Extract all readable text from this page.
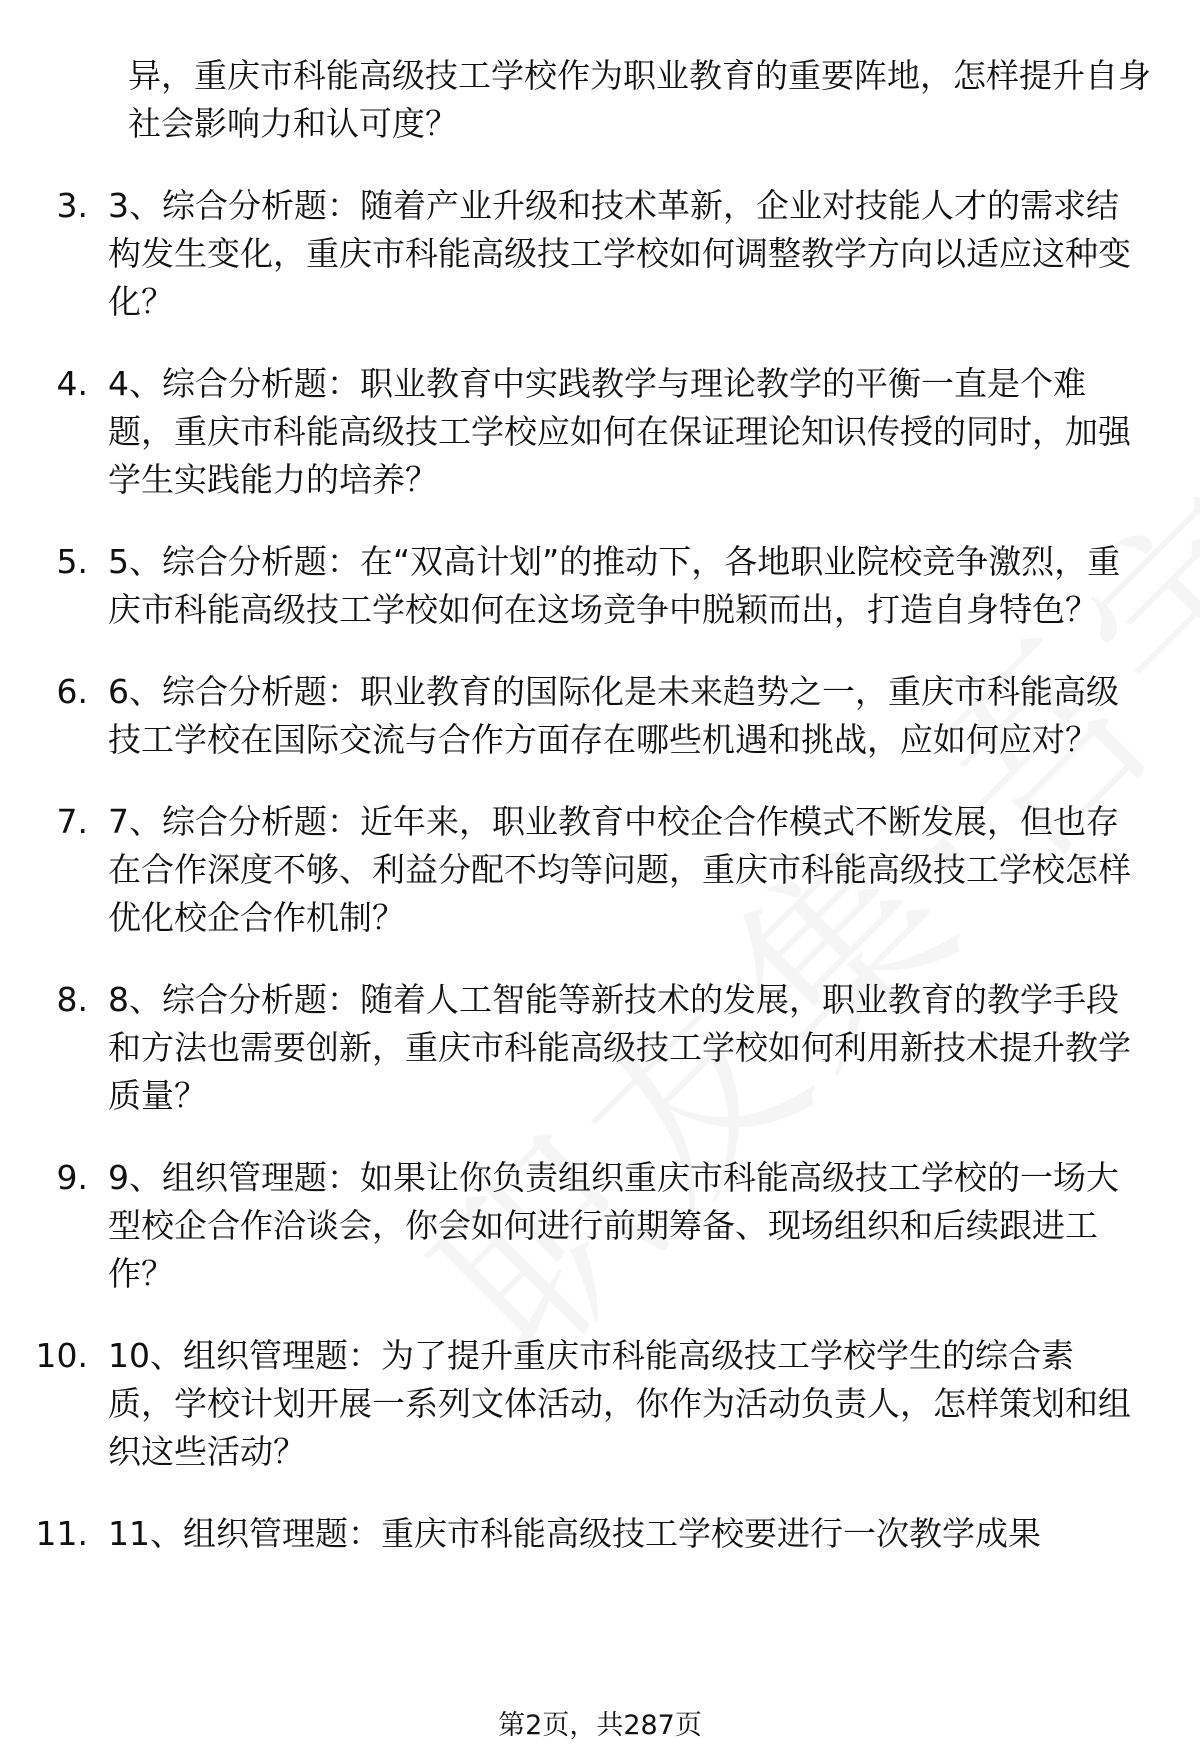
异，重庆市科能高级技工学校作为职业教育的重要阵地，怎样提升自身社会影响力和认可度？
3. 3、综合分析题：随着产业升级和技术革新，企业对技能人才的需求结构发生变化，重庆市科能高级技工学校如何调整教学方向以适应这种变化？
4. 4、综合分析题：职业教育中实践教学与理论教学的平衡一直是个难题，重庆市科能高级技工学校应如何在保证理论知识传授的同时，加强学生实践能力的培养？
5. 5、综合分析题：在“双高计划”的推动下，各地职业院校竞争激烈，重庆市科能高级技工学校如何在这场竞争中脱颖而出，打造自身特色？
6. 6、综合分析题：职业教育的国际化是未来趋势之一，重庆市科能高级技工学校在国际交流与合作方面存在哪些机遇和挑战，应如何应对？
7. 7、综合分析题：近年来，职业教育中校企合作模式不断发展，但也存在合作深度不够、利益分配不均等问题，重庆市科能高级技工学校怎样优化校企合作机制？
8. 8、综合分析题：随着人工智能等新技术的发展，职业教育的教学手段和方法也需要创新，重庆市科能高级技工学校如何利用新技术提升教学质量？
9. 9、组织管理题：如果让你负责组织重庆市科能高级技工学校的一场大型校企合作洽谈会，你会如何进行前期筹备、现场组织和后续跟进工作？
10. 10、组织管理题：为了提升重庆市科能高级技工学校学生的综合素质，学校计划开展一系列文体活动，你作为活动负责人，怎样策划和组织这些活动？
11. 11、组织管理题：重庆市科能高级技工学校要进行一次教学成果
第2页，共287页
